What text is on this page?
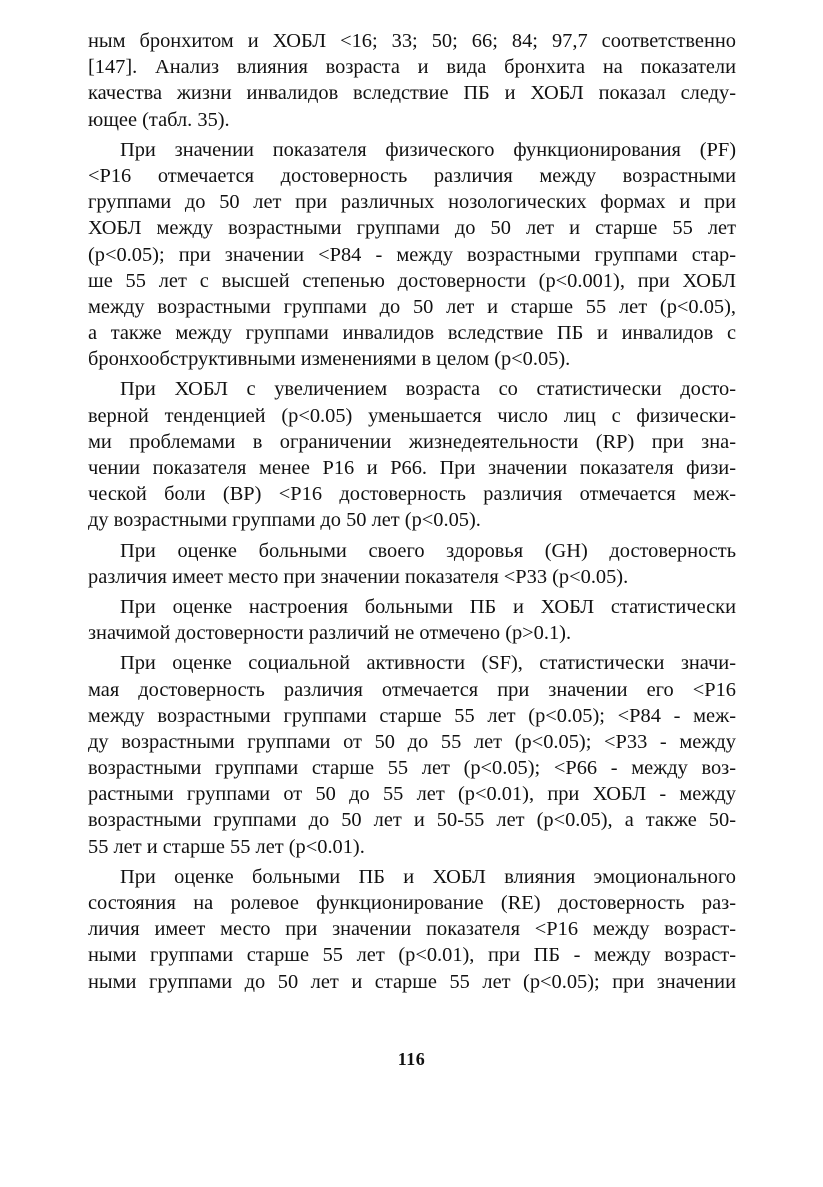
ным бронхитом и ХОБЛ <16; 33; 50; 66; 84; 97,7 соответственно
[147]. Анализ влияния возраста и вида бронхита на показатели
качества жизни инвалидов вследствие ПБ и ХОБЛ показал следу-
ющее (табл. 35).
При значении показателя физического функционирования (PF)
<Р16 отмечается достоверность различия между возрастными
группами до 50 лет при различных нозологических формах и при
ХОБЛ между возрастными группами до 50 лет и старше 55 лет
(p<0.05); при значении <Р84 - между возрастными группами стар-
ше 55 лет с высшей степенью достоверности (p<0.001), при ХОБЛ
между возрастными группами до 50 лет и старше 55 лет (p<0.05),
а также между группами инвалидов вследствие ПБ и инвалидов с
бронхообструктивными изменениями в целом (p<0.05).
При ХОБЛ с увеличением возраста со статистически досто-
верной тенденцией (p<0.05) уменьшается число лиц с физически-
ми проблемами в ограничении жизнедеятельности (RP) при зна-
чении показателя менее Р16 и Р66. При значении показателя физи-
ческой боли (BP) <Р16 достоверность различия отмечается меж-
ду возрастными группами до 50 лет (p<0.05).
При оценке больными своего здоровья (GH) достоверность
различия имеет место при значении показателя <Р33 (p<0.05).
При оценке настроения больными ПБ и ХОБЛ статистически
значимой достоверности различий не отмечено (p>0.1).
При оценке социальной активности (SF), статистически значи-
мая достоверность различия отмечается при значении его <Р16
между возрастными группами старше 55 лет (p<0.05); <Р84 - меж-
ду возрастными группами от 50 до 55 лет (p<0.05); <Р33 - между
возрастными группами старше 55 лет (p<0.05); <Р66 - между воз-
растными группами от 50 до 55 лет (p<0.01), при ХОБЛ - между
возрастными группами до 50 лет и 50-55 лет (p<0.05), а также 50-
55 лет и старше 55 лет (p<0.01).
При оценке больными ПБ и ХОБЛ влияния эмоционального
состояния на ролевое функционирование (RE) достоверность раз-
личия имеет место при значении показателя <Р16 между возраст-
ными группами старше 55 лет (p<0.01), при ПБ - между возраст-
ными группами до 50 лет и старше 55 лет (p<0.05); при значении
116
